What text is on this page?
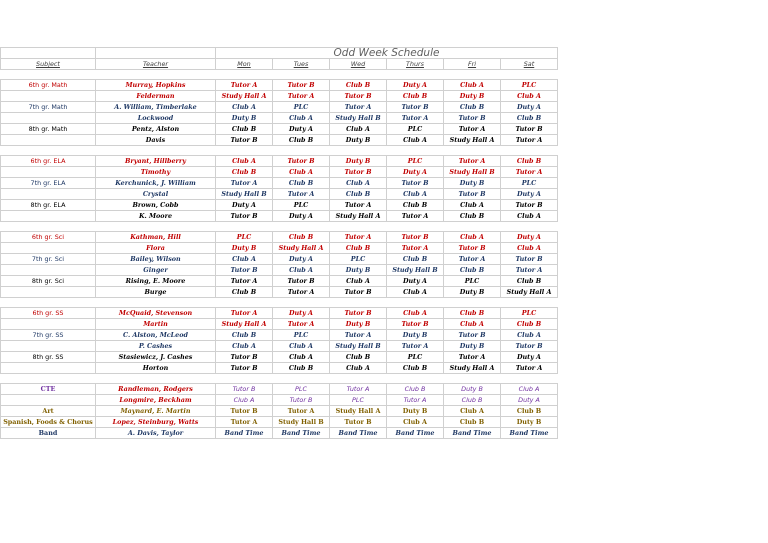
		Odd Week Schedule					
Subject	Teacher	Mon	Tues	Wed	Thurs	Fri	Sat

6th gr. Math	Murray, Hopkins	Tutor A	Tutor B	Club B	Duty A	Club A	PLC
	Felderman	Study Hall A	Tutor A	Tutor B	Club B	Duty B	Club A
7th gr. Math	A. William, Timberlake	Club A	PLC	Tutor A	Tutor B	Club B	Duty A
	Lockwood	Duty B	Club A	Study Hall B	Tutor A	Tutor B	Club B
8th gr. Math	Pentz, Alston	Club B	Duty A	Club A	PLC	Tutor A	Tutor B
	Davis	Tutor B	Club B	Duty B	Club A	Study Hall A	Tutor A

6th gr. ELA	Bryant, Hillberry	Club A	Tutor B	Duty B	PLC	Tutor A	Club B
	Timothy	Club B	Club A	Tutor B	Duty A	Study Hall B	Tutor A
7th gr. ELA	Kerchunick, J. William	Tutor A	Club B	Club A	Tutor B	Duty B	PLC
	Crystal	Study Hall B	Tutor A	Club B	Club A	Tutor B	Duty A
8th gr. ELA	Brown, Cobb	Duty A	PLC	Tutor A	Club B	Club A	Tutor B
	K. Moore	Tutor B	Duty A	Study Hall A	Tutor A	Club B	Club A

6th gr. Sci	Kathman, Hill	PLC	Club B	Tutor A	Tutor B	Club A	Duty A
	Flora	Duty B	Study Hall A	Club B	Tutor A	Tutor B	Club A
7th gr. Sci	Bailey, Wilson	Club A	Duty A	PLC	Club B	Tutor A	Tutor B
	Ginger	Tutor B	Club A	Duty B	Study Hall B	Club B	Tutor A
8th gr. Sci	Rising, E. Moore	Tutor A	Tutor B	Club A	Duty A	PLC	Club B
	Burge	Club B	Tutor A	Tutor B	Club A	Duty B	Study Hall A

6th gr. SS	McQuaid, Stevenson	Tutor A	Duty A	Tutor B	Club A	Club B	PLC
	Martin	Study Hall A	Tutor A	Duty B	Tutor B	Club A	Club B
7th gr. SS	C. Alston, McLeod	Club B	PLC	Tutor A	Duty B	Tutor B	Club A
	P. Cashes	Club A	Club A	Study Hall B	Tutor A	Duty B	Tutor B
8th gr. SS	Stasiewicz, J. Cashes	Tutor B	Club A	Club B	PLC	Tutor A	Duty A
	Horton	Tutor B	Club B	Club A	Club B	Study Hall A	Tutor A

CTE	Randleman, Rodgers	Tutor B	PLC	Tutor A	Club B	Duty B	Club A
	Longmire, Beckham	Club A	Tutor B	PLC	Tutor A	Club B	Duty A
Art	Maynard, E. Martin	Tutor B	Tutor A	Study Hall A	Duty B	Club A	Club B
Spanish, Foods & Chorus	Lopez, Steinburg, Watts	Tutor A	Study Hall B	Tutor B	Club A	Club B	Duty B
Band	A. Davis, Taylor	Band Time	Band Time	Band Time	Band Time	Band Time	Band Time
